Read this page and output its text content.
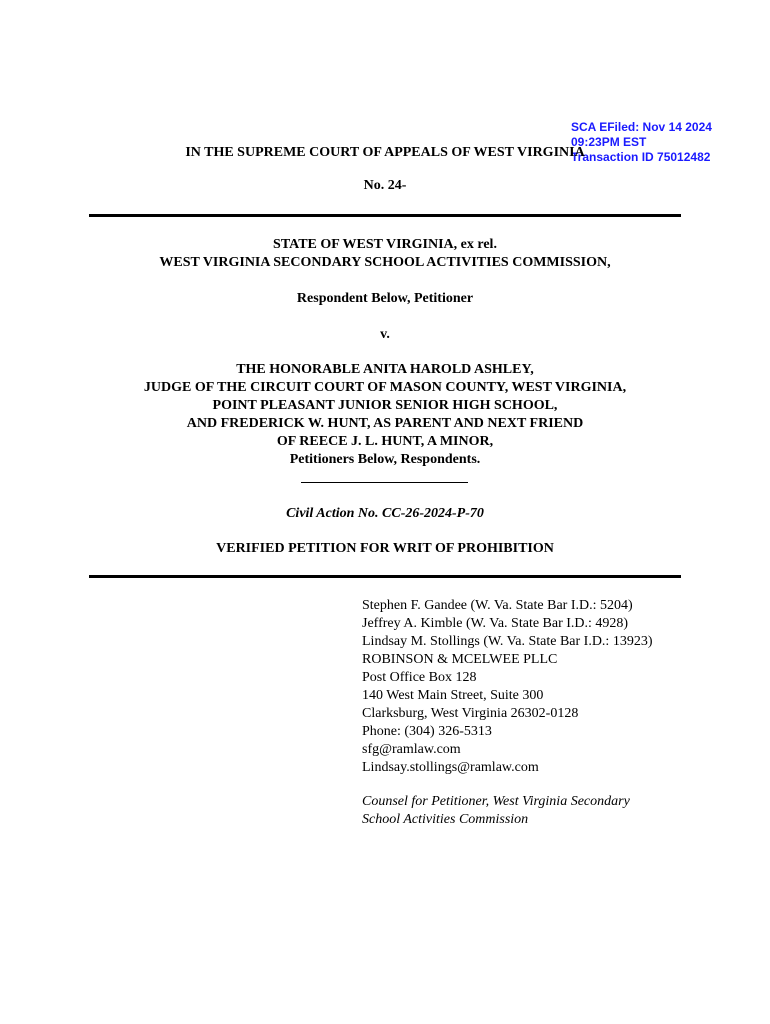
SCA EFiled: Nov 14 2024
09:23PM EST
Transaction ID 75012482
IN THE SUPREME COURT OF APPEALS OF WEST VIRGINIA
No. 24-
STATE OF WEST VIRGINIA, ex rel.
WEST VIRGINIA SECONDARY SCHOOL ACTIVITIES COMMISSION,
Respondent Below, Petitioner
v.
THE HONORABLE ANITA HAROLD ASHLEY,
JUDGE OF THE CIRCUIT COURT OF MASON COUNTY, WEST VIRGINIA,
POINT PLEASANT JUNIOR SENIOR HIGH SCHOOL,
AND FREDERICK W. HUNT, AS PARENT AND NEXT FRIEND
OF REECE J. L. HUNT, A MINOR,
Petitioners Below, Respondents.
Civil Action No. CC-26-2024-P-70
VERIFIED PETITION FOR WRIT OF PROHIBITION
Stephen F. Gandee (W. Va. State Bar I.D.: 5204)
Jeffrey A. Kimble (W. Va. State Bar I.D.: 4928)
Lindsay M. Stollings (W. Va. State Bar I.D.: 13923)
ROBINSON & MCELWEE PLLC
Post Office Box 128
140 West Main Street, Suite 300
Clarksburg, West Virginia 26302-0128
Phone: (304) 326-5313
sfg@ramlaw.com
Lindsay.stollings@ramlaw.com
Counsel for Petitioner, West Virginia Secondary
School Activities Commission
